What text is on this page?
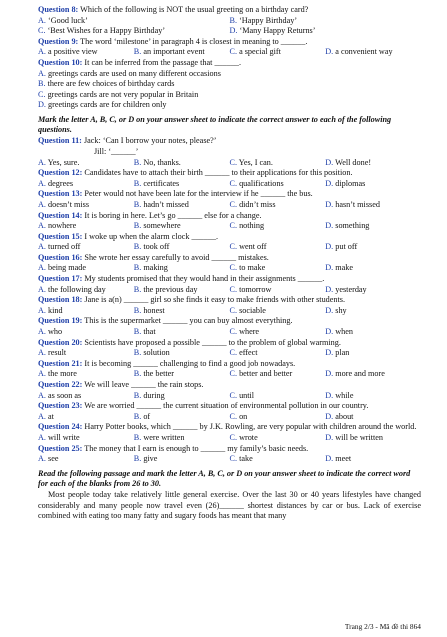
Question 8: Which of the following is NOT the usual greeting on a birthday card?
A. ‘Good luck’	B. ‘Happy Birthday’
C. ‘Best Wishes for a Happy Birthday’	D. ‘Many Happy Returns’
Question 9: The word ‘milestone’ in paragraph 4 is closest in meaning to ______.
A. a positive view	B. an important event	C. a special gift	D. a convenient way
Question 10: It can be inferred from the passage that ______.
A. greetings cards are used on many different occasions
B. there are few choices of birthday cards
C. greetings cards are not very popular in Britain
D. greetings cards are for children only
Mark the letter A, B, C, or D on your answer sheet to indicate the correct answer to each of the following questions.
Question 11: Jack: ‘Can I borrow your notes, please?’
Jill: ‘______’
A. Yes, sure.	B. No, thanks.	C. Yes, I can.	D. Well done!
Question 12: Candidates have to attach their birth ______ to their applications for this position.
A. degrees	B. certificates	C. qualifications	D. diplomas
Question 13: Peter would not have been late for the interview if he ______ the bus.
A. doesn’t miss	B. hadn’t missed	C. didn’t miss	D. hasn’t missed
Question 14: It is boring in here. Let’s go ______ else for a change.
A. nowhere	B. somewhere	C. nothing	D. something
Question 15: I woke up when the alarm clock ______.
A. turned off	B. took off	C. went off	D. put off
Question 16: She wrote her essay carefully to avoid ______ mistakes.
A. being made	B. making	C. to make	D. make
Question 17: My students promised that they would hand in their assignments ______.
A. the following day	B. the previous day	C. tomorrow	D. yesterday
Question 18: Jane is a(n) ______ girl so she finds it easy to make friends with other students.
A. kind	B. honest	C. sociable	D. shy
Question 19: This is the supermarket ______ you can buy almost everything.
A. who	B. that	C. where	D. when
Question 20: Scientists have proposed a possible ______ to the problem of global warming.
A. result	B. solution	C. effect	D. plan
Question 21: It is becoming ______ challenging to find a good job nowadays.
A. the more	B. the better	C. better and better	D. more and more
Question 22: We will leave ______ the rain stops.
A. as soon as	B. during	C. until	D. while
Question 23: We are worried ______ the current situation of environmental pollution in our country.
A. at	B. of	C. on	D. about
Question 24: Harry Potter books, which ______ by J.K. Rowling, are very popular with children around the world.
A. will write	B. were written	C. wrote	D. will be written
Question 25: The money that I earn is enough to ______ my family’s basic needs.
A. see	B. give	C. take	D. meet
Read the following passage and mark the letter A, B, C, or D on your answer sheet to indicate the correct word for each of the blanks from 26 to 30.

Most people today take relatively little general exercise. Over the last 30 or 40 years lifestyles have changed considerably and many people now travel even (26)______ shortest distances by car or bus. Lack of exercise combined with eating too many fatty and sugary foods has meant that many

Trang 2/3 - Mã đề thi 864
